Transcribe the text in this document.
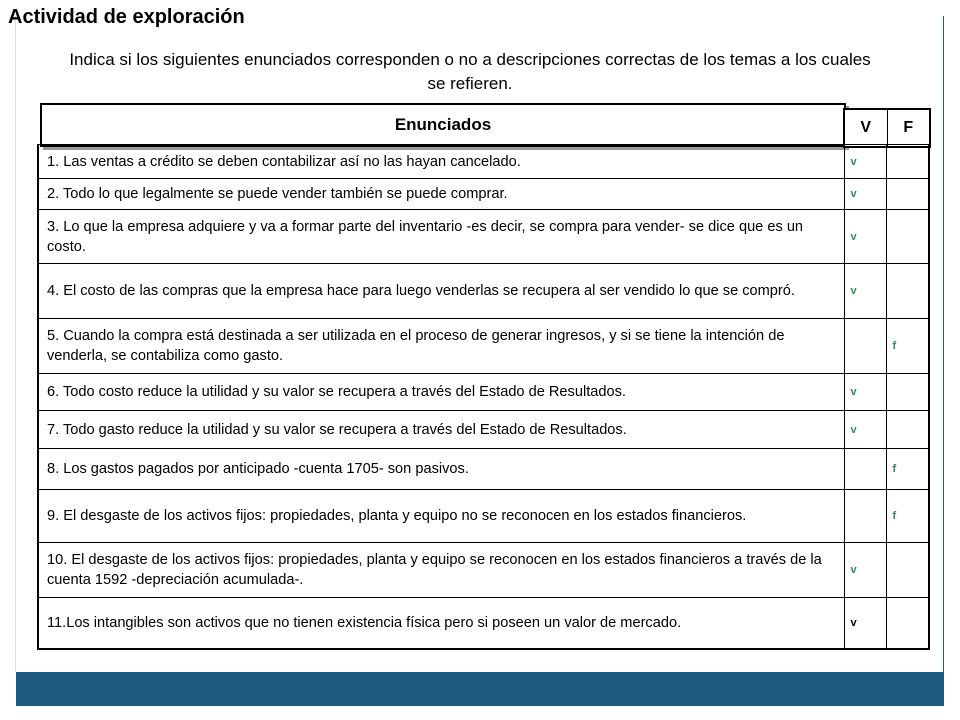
Actividad de exploración
Indica si los siguientes enunciados corresponden o no a descripciones correctas de los temas a los cuales se refieren.
Enunciados	V	F
1. Las ventas a crédito se deben contabilizar así no las hayan cancelado.	v	
2. Todo lo que legalmente se puede vender también se puede comprar.	v	
3. Lo que la empresa adquiere y va a formar parte del inventario -es decir, se compra para vender- se dice que es un costo.	v	
4. El costo de las compras que la empresa hace para luego venderlas se recupera al ser vendido lo que se compró.	v	
5. Cuando la compra está destinada a ser utilizada en el proceso de generar ingresos, y si se tiene la intención de venderla, se contabiliza como gasto.		f
6. Todo costo reduce la utilidad y su valor se recupera a través del Estado de Resultados.	v	
7. Todo gasto reduce la utilidad y su valor se recupera a través del Estado de Resultados.	v	
8. Los gastos pagados por anticipado -cuenta 1705- son pasivos.		f
9. El desgaste de los activos fijos: propiedades, planta y equipo no se reconocen en los estados financieros.		f
10. El desgaste de los activos fijos: propiedades, planta y equipo se reconocen en los estados financieros a través de la cuenta 1592 -depreciación acumulada-.	v	
11.Los intangibles son activos que no tienen existencia física pero si poseen un valor de mercado.	v	
